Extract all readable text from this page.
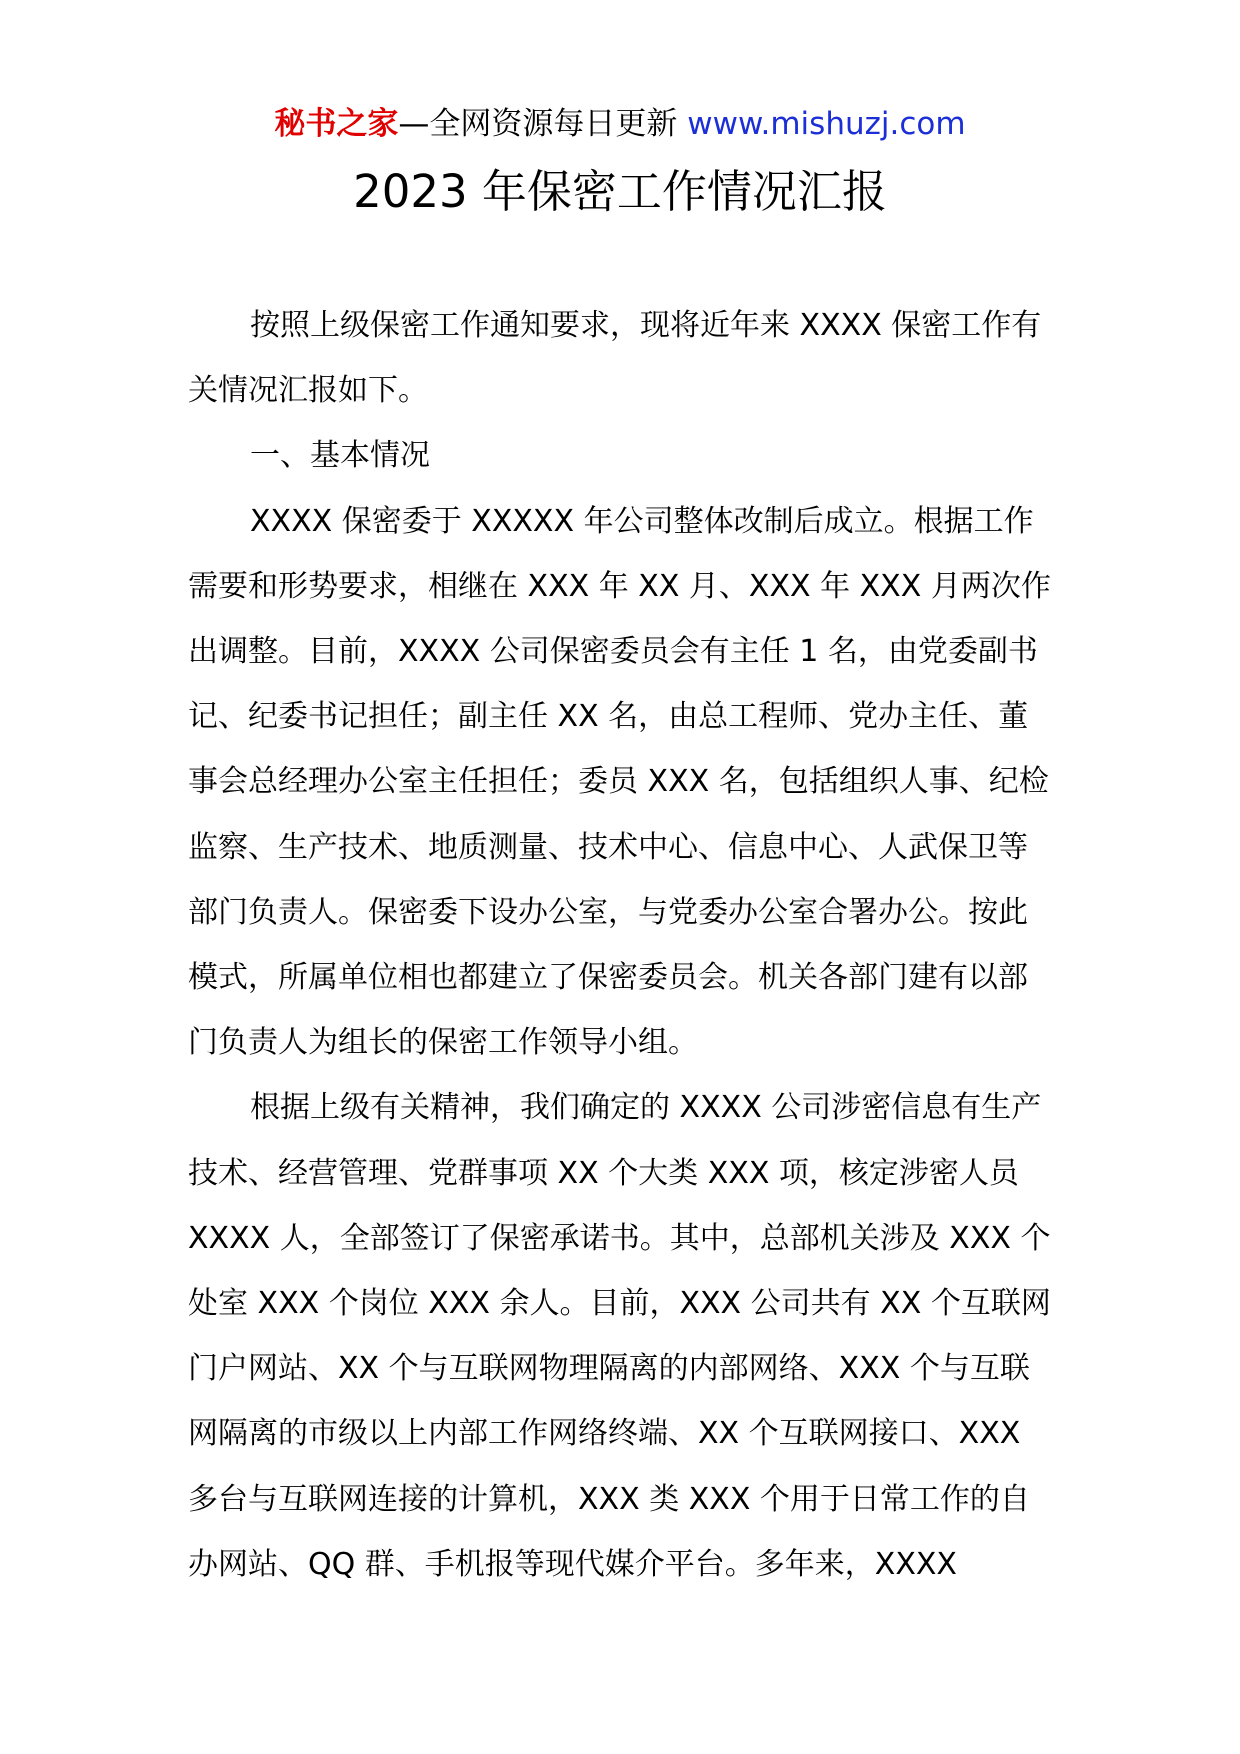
秘书之家—全网资源每日更新 www.mishuzj.com
2023 年保密工作情况汇报

按照上级保密工作通知要求，现将近年来 XXXX 保密工作有关情况汇报如下。

一、基本情况

XXXX 保密委于 XXXXX 年公司整体改制后成立。根据工作需要和形势要求，相继在 XXX 年 XX 月、XXX 年 XXX 月两次作出调整。目前，XXXX 公司保密委员会有主任 1 名，由党委副书记、纪委书记担任；副主任 XX 名，由总工程师、党办主任、董事会总经理办公室主任担任；委员 XXX 名，包括组织人事、纪检监察、生产技术、地质测量、技术中心、信息中心、人武保卫等部门负责人。保密委下设办公室，与党委办公室合署办公。按此模式，所属单位相也都建立了保密委员会。机关各部门建有以部门负责人为组长的保密工作领导小组。

根据上级有关精神，我们确定的 XXXX 公司涉密信息有生产技术、经营管理、党群事项 XX 个大类 XXX 项，核定涉密人员 XXXX 人，全部签订了保密承诺书。其中，总部机关涉及 XXX 个处室 XXX 个岗位 XXX 余人。目前，XXX 公司共有 XX 个互联网门户网站、XX 个与互联网物理隔离的内部网络、XXX 个与互联网隔离的市级以上内部工作网络终端、XX 个互联网接口、XXX 多台与互联网连接的计算机，XXX 类 XXX 个用于日常工作的自办网站、QQ 群、手机报等现代媒介平台。多年来，XXXX
